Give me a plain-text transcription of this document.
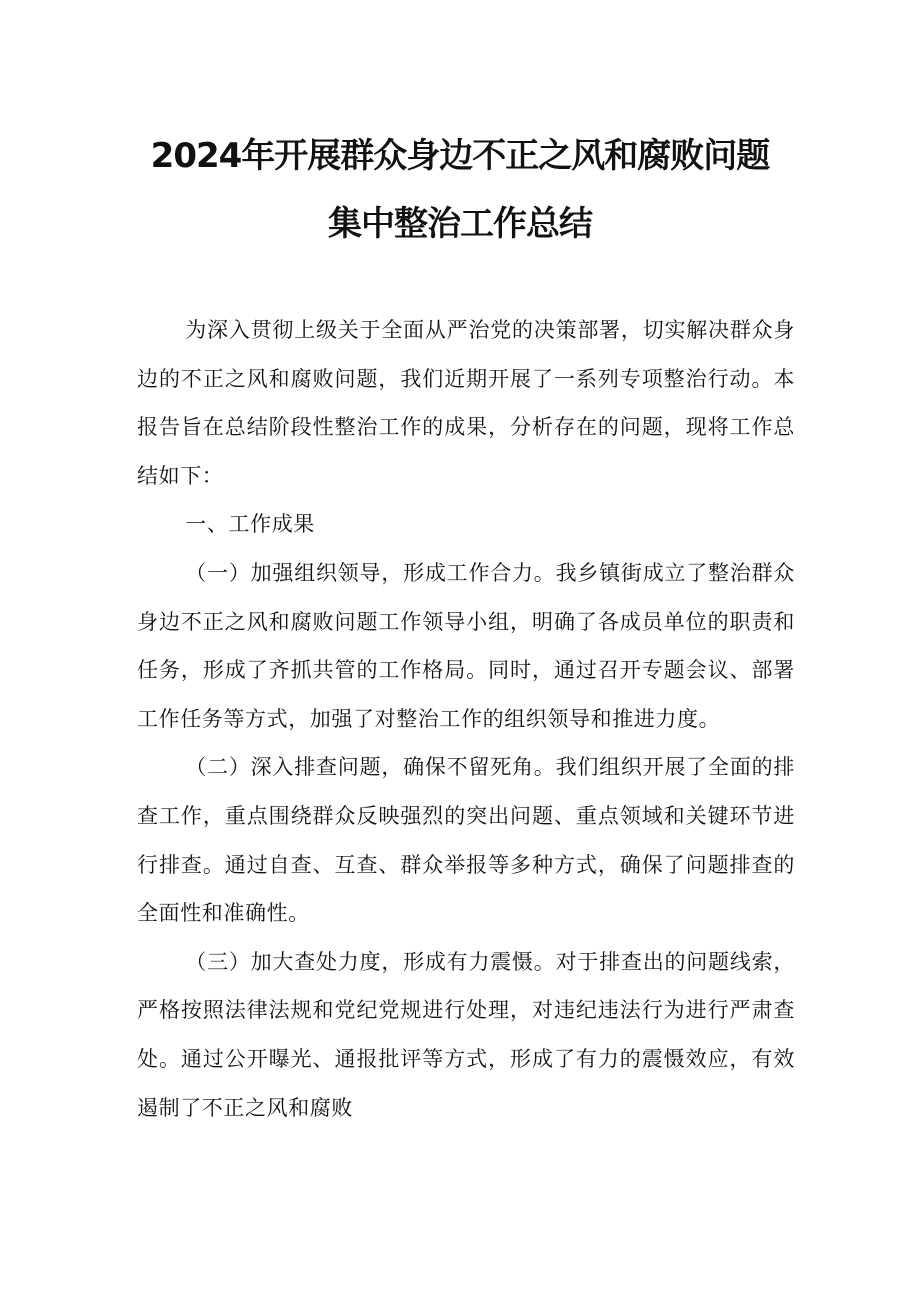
2024年开展群众身边不正之风和腐败问题
集中整治工作总结

为深入贯彻上级关于全面从严治党的决策部署，切实解决群众身边的不正之风和腐败问题，我们近期开展了一系列专项整治行动。本报告旨在总结阶段性整治工作的成果，分析存在的问题，现将工作总结如下：

一、工作成果

（一）加强组织领导，形成工作合力。我乡镇街成立了整治群众身边不正之风和腐败问题工作领导小组，明确了各成员单位的职责和任务，形成了齐抓共管的工作格局。同时，通过召开专题会议、部署工作任务等方式，加强了对整治工作的组织领导和推进力度。

（二）深入排查问题，确保不留死角。我们组织开展了全面的排查工作，重点围绕群众反映强烈的突出问题、重点领域和关键环节进行排查。通过自查、互查、群众举报等多种方式，确保了问题排查的全面性和准确性。

（三）加大查处力度，形成有力震慑。对于排查出的问题线索，严格按照法律法规和党纪党规进行处理，对违纪违法行为进行严肃查处。通过公开曝光、通报批评等方式，形成了有力的震慑效应，有效遏制了不正之风和腐败
